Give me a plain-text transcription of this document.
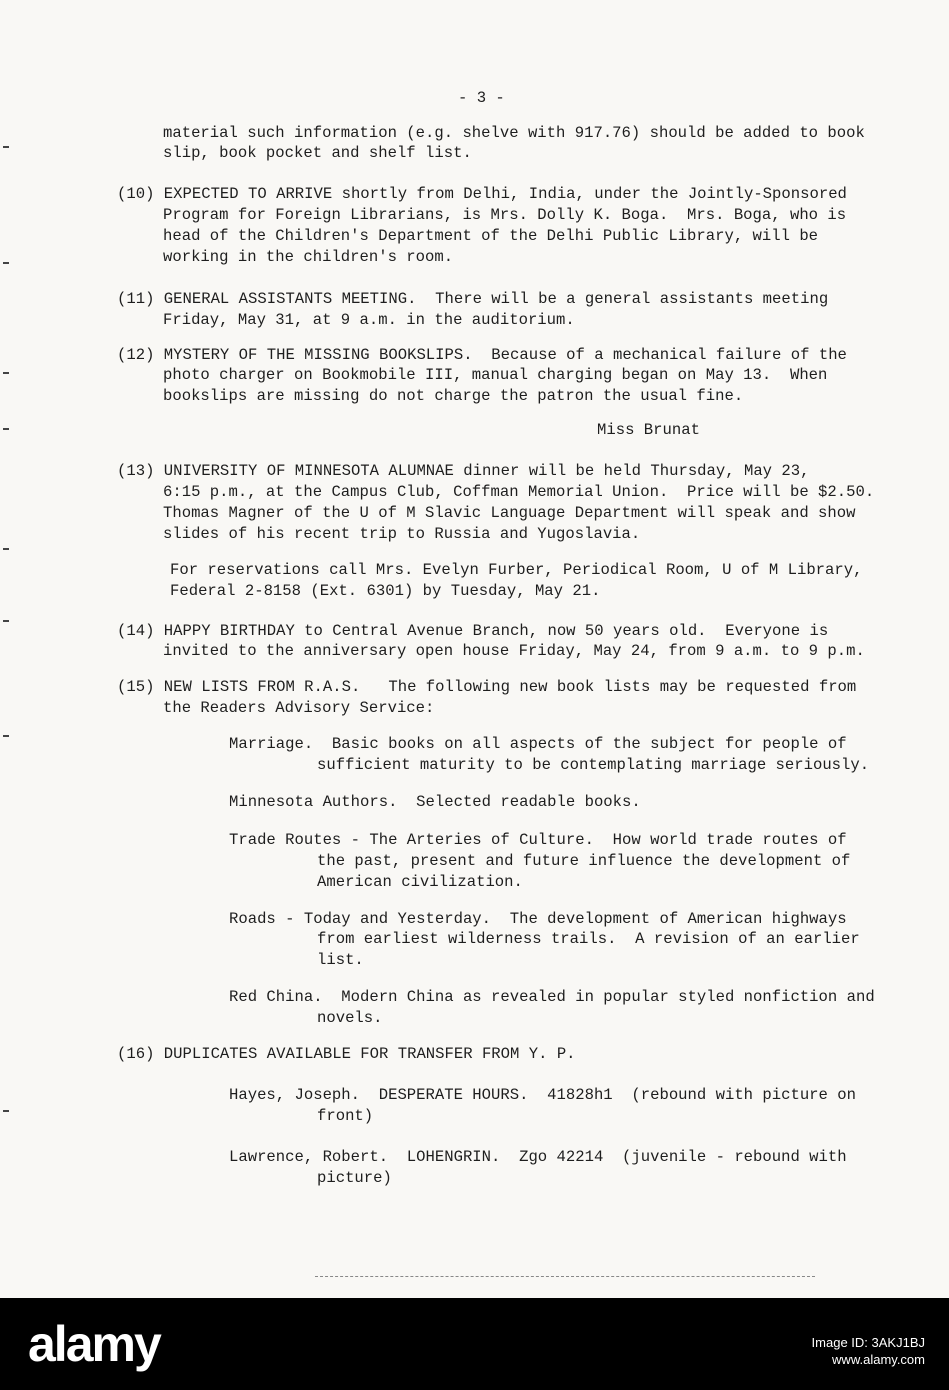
- 3 -
material such information (e.g. shelve with 917.76) should be added to book
slip, book pocket and shelf list.
(10) EXPECTED TO ARRIVE shortly from Delhi, India, under the Jointly-Sponsored
Program for Foreign Librarians, is Mrs. Dolly K. Boga.  Mrs. Boga, who is
head of the Children's Department of the Delhi Public Library, will be
working in the children's room.
(11) GENERAL ASSISTANTS MEETING.  There will be a general assistants meeting
Friday, May 31, at 9 a.m. in the auditorium.
(12) MYSTERY OF THE MISSING BOOKSLIPS.  Because of a mechanical failure of the
photo charger on Bookmobile III, manual charging began on May 13.  When
bookslips are missing do not charge the patron the usual fine.
Miss Brunat
(13) UNIVERSITY OF MINNESOTA ALUMNAE dinner will be held Thursday, May 23,
6:15 p.m., at the Campus Club, Coffman Memorial Union.  Price will be $2.50.
Thomas Magner of the U of M Slavic Language Department will speak and show
slides of his recent trip to Russia and Yugoslavia.
For reservations call Mrs. Evelyn Furber, Periodical Room, U of M Library,
Federal 2-8158 (Ext. 6301) by Tuesday, May 21.
(14) HAPPY BIRTHDAY to Central Avenue Branch, now 50 years old.  Everyone is
invited to the anniversary open house Friday, May 24, from 9 a.m. to 9 p.m.
(15) NEW LISTS FROM R.A.S.   The following new book lists may be requested from
the Readers Advisory Service:
Marriage.  Basic books on all aspects of the subject for people of
sufficient maturity to be contemplating marriage seriously.
Minnesota Authors.  Selected readable books.
Trade Routes - The Arteries of Culture.  How world trade routes of
the past, present and future influence the development of
American civilization.
Roads - Today and Yesterday.  The development of American highways
from earliest wilderness trails.  A revision of an earlier
list.
Red China.  Modern China as revealed in popular styled nonfiction and
novels.
(16) DUPLICATES AVAILABLE FOR TRANSFER FROM Y. P.
Hayes, Joseph.  DESPERATE HOURS.  41828h1  (rebound with picture on
front)
Lawrence, Robert.  LOHENGRIN.  Zgo 42214  (juvenile - rebound with
picture)
alamy	Image ID: 3AKJ1BJ
www.alamy.com
